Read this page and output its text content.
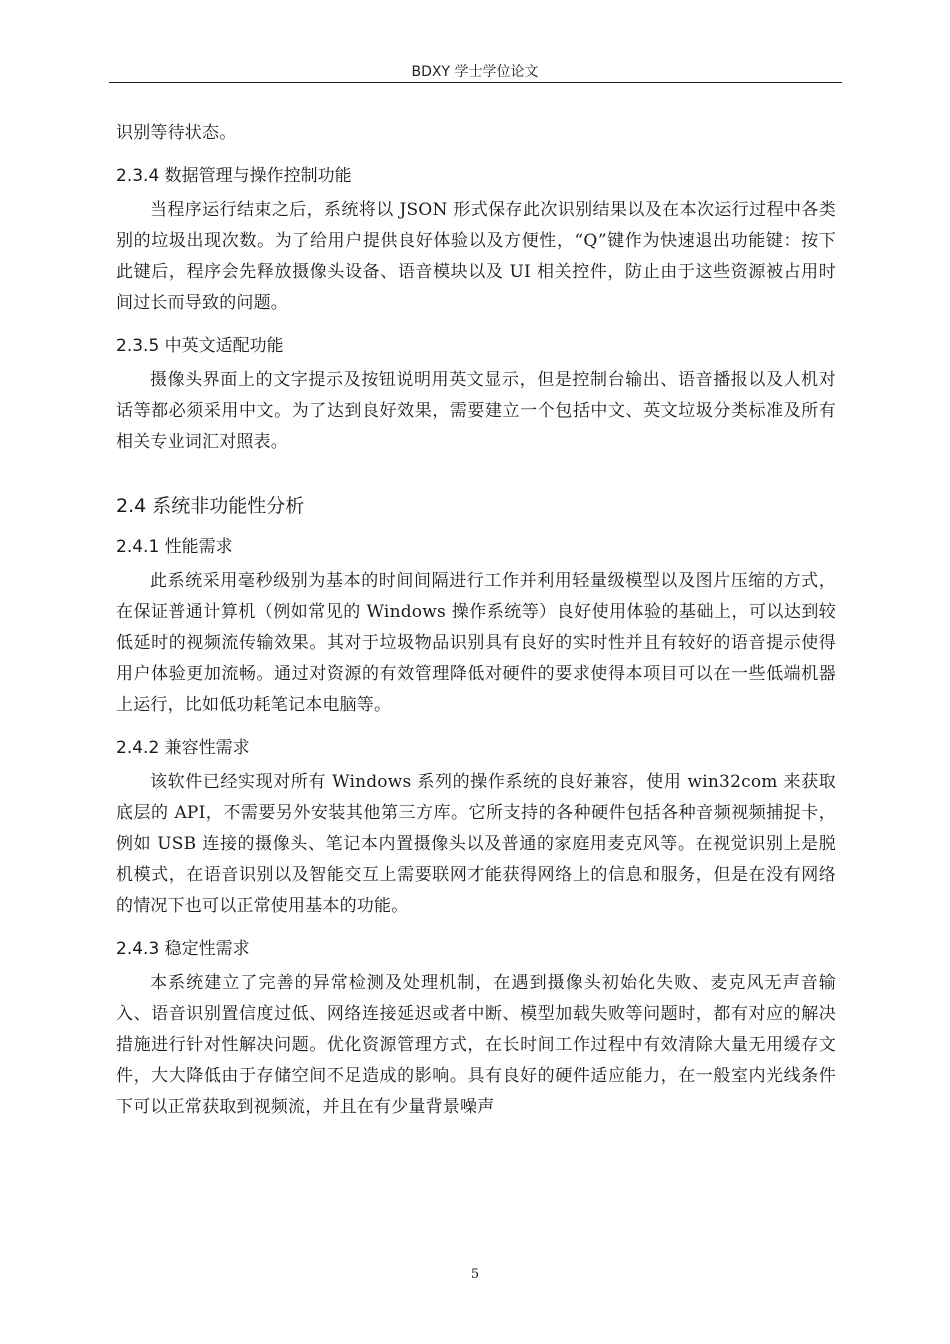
BDXY 学士学位论文

识别等待状态。

2.3.4 数据管理与操作控制功能

当程序运行结束之后，系统将以 JSON 形式保存此次识别结果以及在本次运行过程中各类别的垃圾出现次数。为了给用户提供良好体验以及方便性，“Q”键作为快速退出功能键：按下此键后，程序会先释放摄像头设备、语音模块以及 UI 相关控件，防止由于这些资源被占用时间过长而导致的问题。

2.3.5 中英文适配功能

摄像头界面上的文字提示及按钮说明用英文显示，但是控制台输出、语音播报以及人机对话等都必须采用中文。为了达到良好效果，需要建立一个包括中文、英文垃圾分类标准及所有相关专业词汇对照表。

2.4 系统非功能性分析
2.4.1 性能需求

此系统采用毫秒级别为基本的时间间隔进行工作并利用轻量级模型以及图片压缩的方式，在保证普通计算机（例如常见的 Windows 操作系统等）良好使用体验的基础上，可以达到较低延时的视频流传输效果。其对于垃圾物品识别具有良好的实时性并且有较好的语音提示使得用户体验更加流畅。通过对资源的有效管理降低对硬件的要求使得本项目可以在一些低端机器上运行，比如低功耗笔记本电脑等。

2.4.2 兼容性需求

该软件已经实现对所有 Windows 系列的操作系统的良好兼容，使用 win32com 来获取底层的 API，不需要另外安装其他第三方库。它所支持的各种硬件包括各种音频视频捕捉卡，例如 USB 连接的摄像头、笔记本内置摄像头以及普通的家庭用麦克风等。在视觉识别上是脱机模式，在语音识别以及智能交互上需要联网才能获得网络上的信息和服务，但是在没有网络的情况下也可以正常使用基本的功能。

2.4.3 稳定性需求

本系统建立了完善的异常检测及处理机制，在遇到摄像头初始化失败、麦克风无声音输入、语音识别置信度过低、网络连接延迟或者中断、模型加载失败等问题时，都有对应的解决措施进行针对性解决问题。优化资源管理方式，在长时间工作过程中有效清除大量无用缓存文件，大大降低由于存储空间不足造成的影响。具有良好的硬件适应能力，在一般室内光线条件下可以正常获取到视频流，并且在有少量背景噪声

5
